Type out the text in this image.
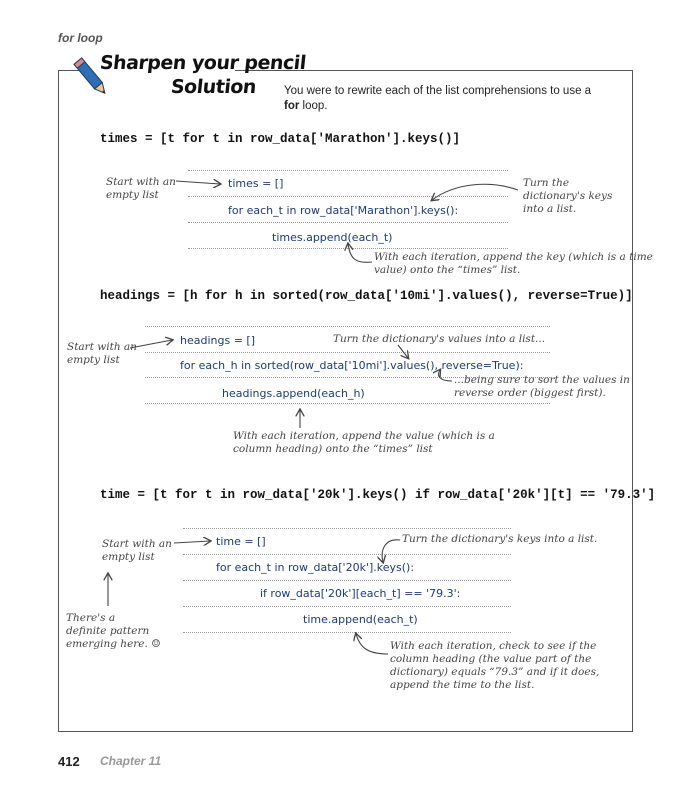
for loop
Sharpen your pencil
Solution You were to rewrite each of the list comprehensions to use a for loop.
times = [t for t in row_data['Marathon'].keys()]
times = []
for each_t in row_data['Marathon'].keys():
times.append(each_t)
Start with an
empty list
Turn the
dictionary's keys
into a list.
With each iteration, append the key (which is a time
value) onto the “times” list.
headings = [h for h in sorted(row_data['10mi'].values(), reverse=True)]
headings = []
for each_h in sorted(row_data['10mi'].values(), reverse=True):
headings.append(each_h)
Start with an
empty list
Turn the dictionary's values into a list...
...being sure to sort the values in
reverse order (biggest first).
With each iteration, append the value (which is a
column heading) onto the “times” list
time = [t for t in row_data['20k'].keys() if row_data['20k'][t] == '79.3']
time = []
for each_t in row_data['20k'].keys():
if row_data['20k'][each_t] == '79.3':
time.append(each_t)
Start with an
empty list
Turn the dictionary's keys into a list.
There's a
definite pattern
emerging here. ☺	With each iteration, check to see if the
column heading (the value part of the
dictionary) equals “79.3” and if it does,
append the time to the list.
412 Chapter 11
